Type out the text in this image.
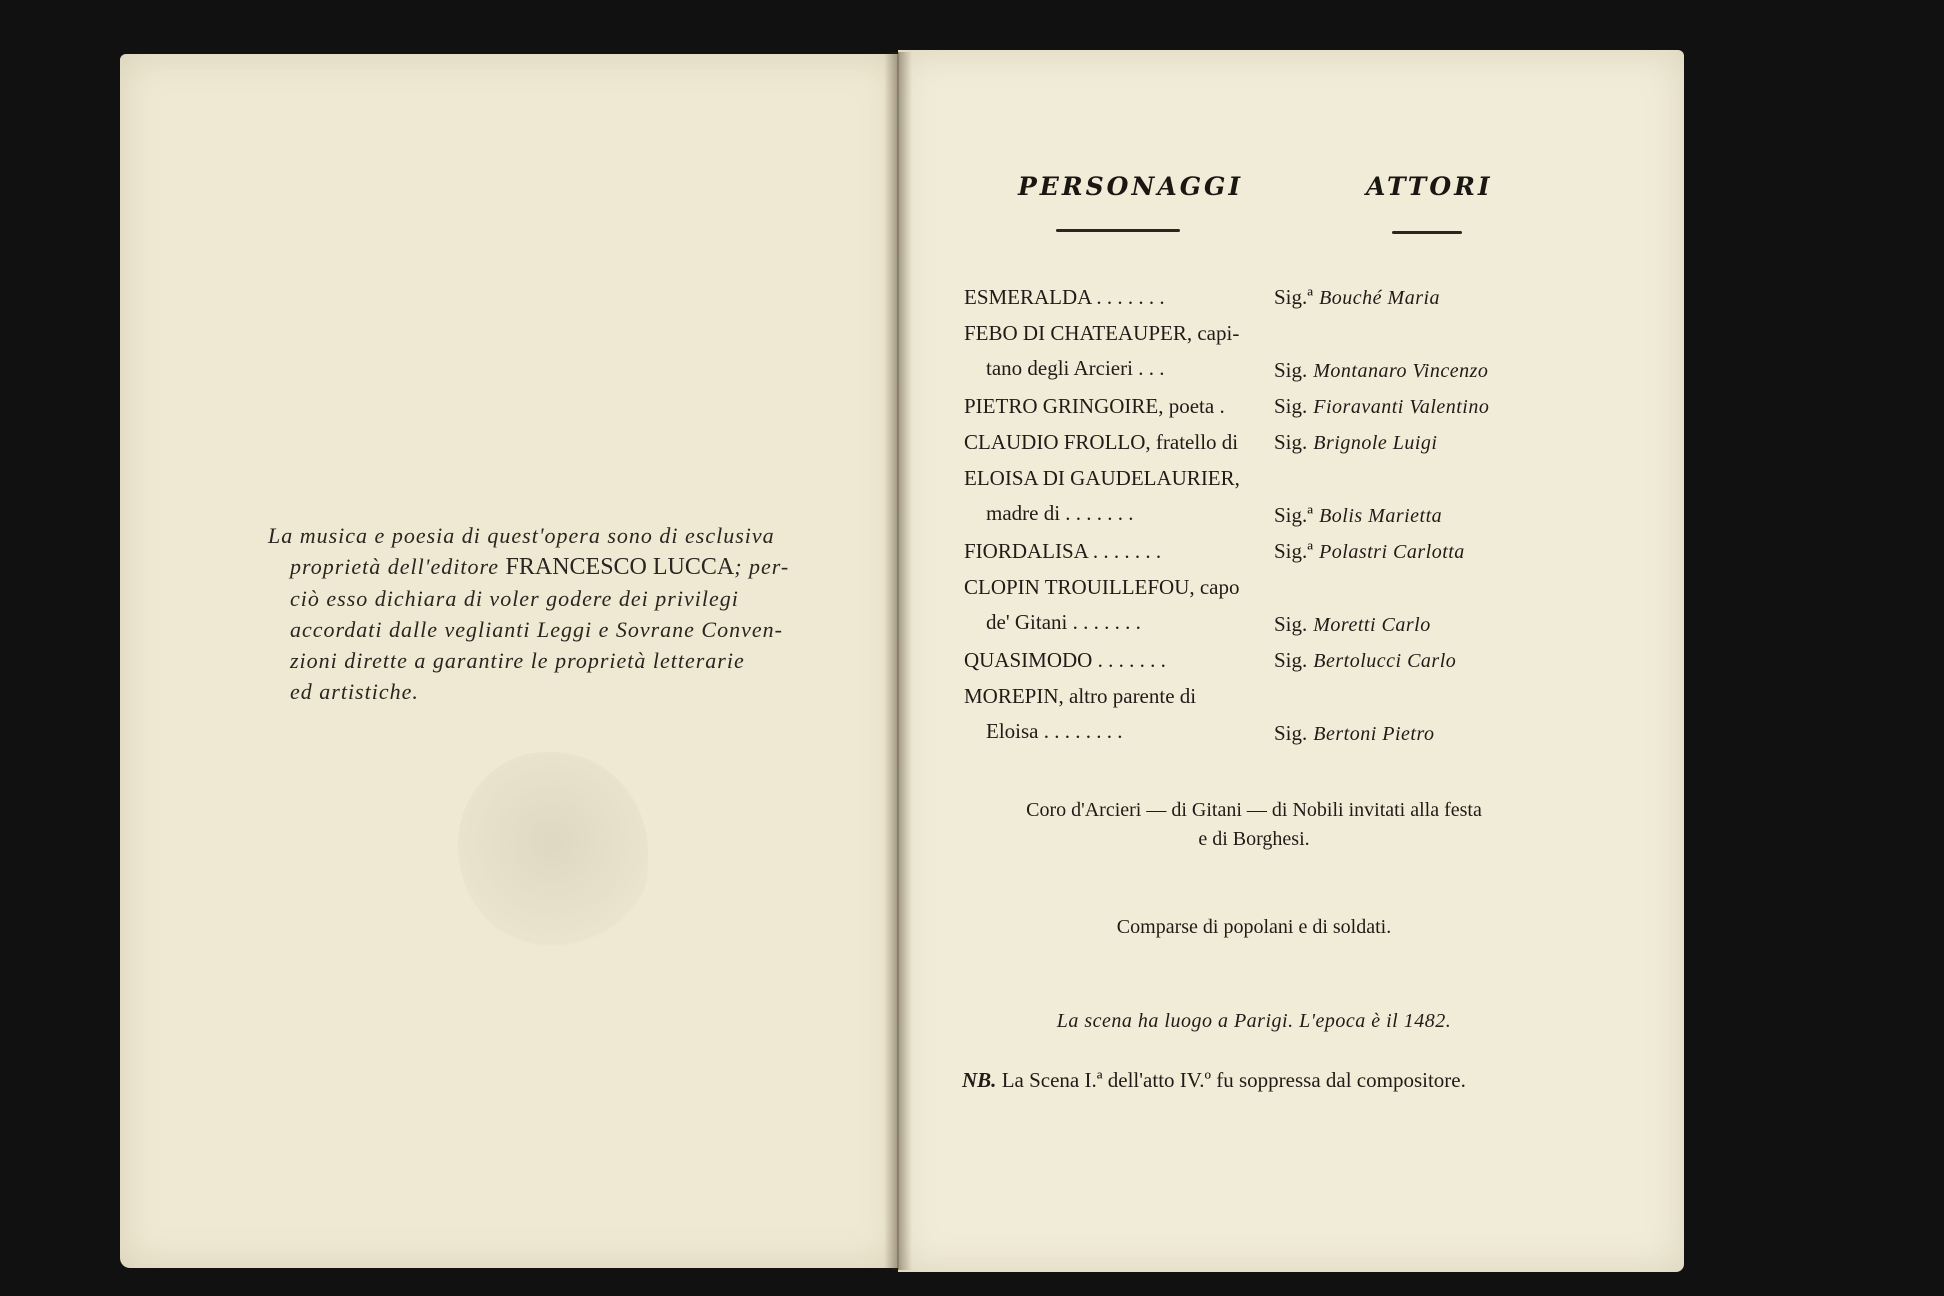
La musica e poesia di quest'opera sono di esclusiva
proprietà dell'editore FRANCESCO LUCCA; per-
ciò esso dichiara di voler godere dei privilegi
accordati dalle veglianti Leggi e Sovrane Conven-
zioni dirette a garantire le proprietà letterarie
ed artistiche.
PERSONAGGI	ATTORI
ESMERALDA . . . . . . .	Sig.ª Bouché Maria
FEBO DI CHATEAUPER, capi-
tano degli Arcieri . . .	Sig. Montanaro Vincenzo
PIETRO GRINGOIRE, poeta .	Sig. Fioravanti Valentino
CLAUDIO FROLLO, fratello di	Sig. Brignole Luigi
ELOISA DI GAUDELAURIER,
madre di . . . . . . .	Sig.ª Bolis Marietta
FIORDALISA . . . . . . .	Sig.ª Polastri Carlotta
CLOPIN TROUILLEFOU, capo
de' Gitani . . . . . . .	Sig. Moretti Carlo
QUASIMODO . . . . . . .	Sig. Bertolucci Carlo
MOREPIN, altro parente di
Eloisa . . . . . . . .	Sig. Bertoni Pietro
Coro d'Arcieri — di Gitani — di Nobili invitati alla festa
e di Borghesi.
Comparse di popolani e di soldati.
La scena ha luogo a Parigi. L'epoca è il 1482.
NB. La Scena I.ª dell'atto IV.º fu soppressa dal compositore.
